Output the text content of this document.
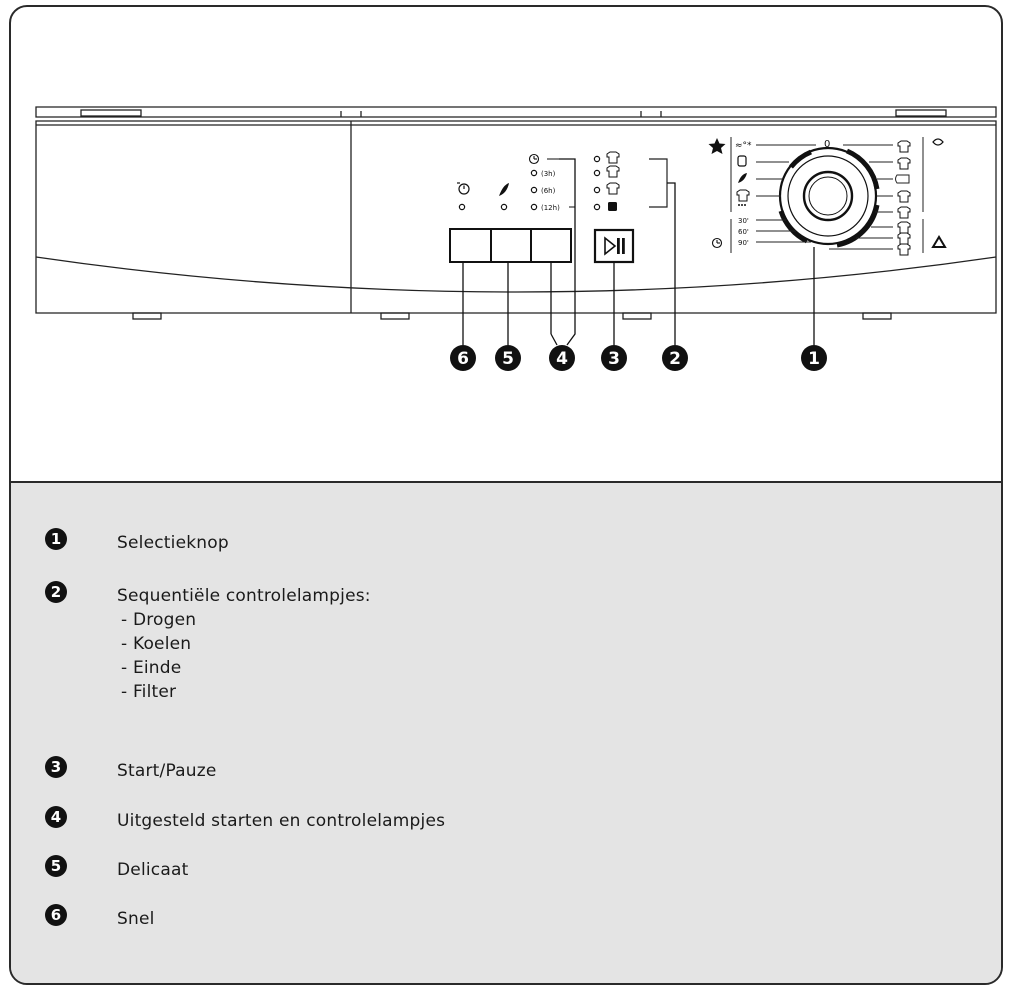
(3h)
(6h)
(12h)
0
≈°*
30'
60'
90'
6 5 4 3	2	1
1	Selectieknop
2	Sequentiële controlelampjes:
- Drogen
- Koelen
- Einde
- Filter
3	Start/Pauze
4	Uitgesteld starten en controlelampjes
5	Delicaat
6	Snel
